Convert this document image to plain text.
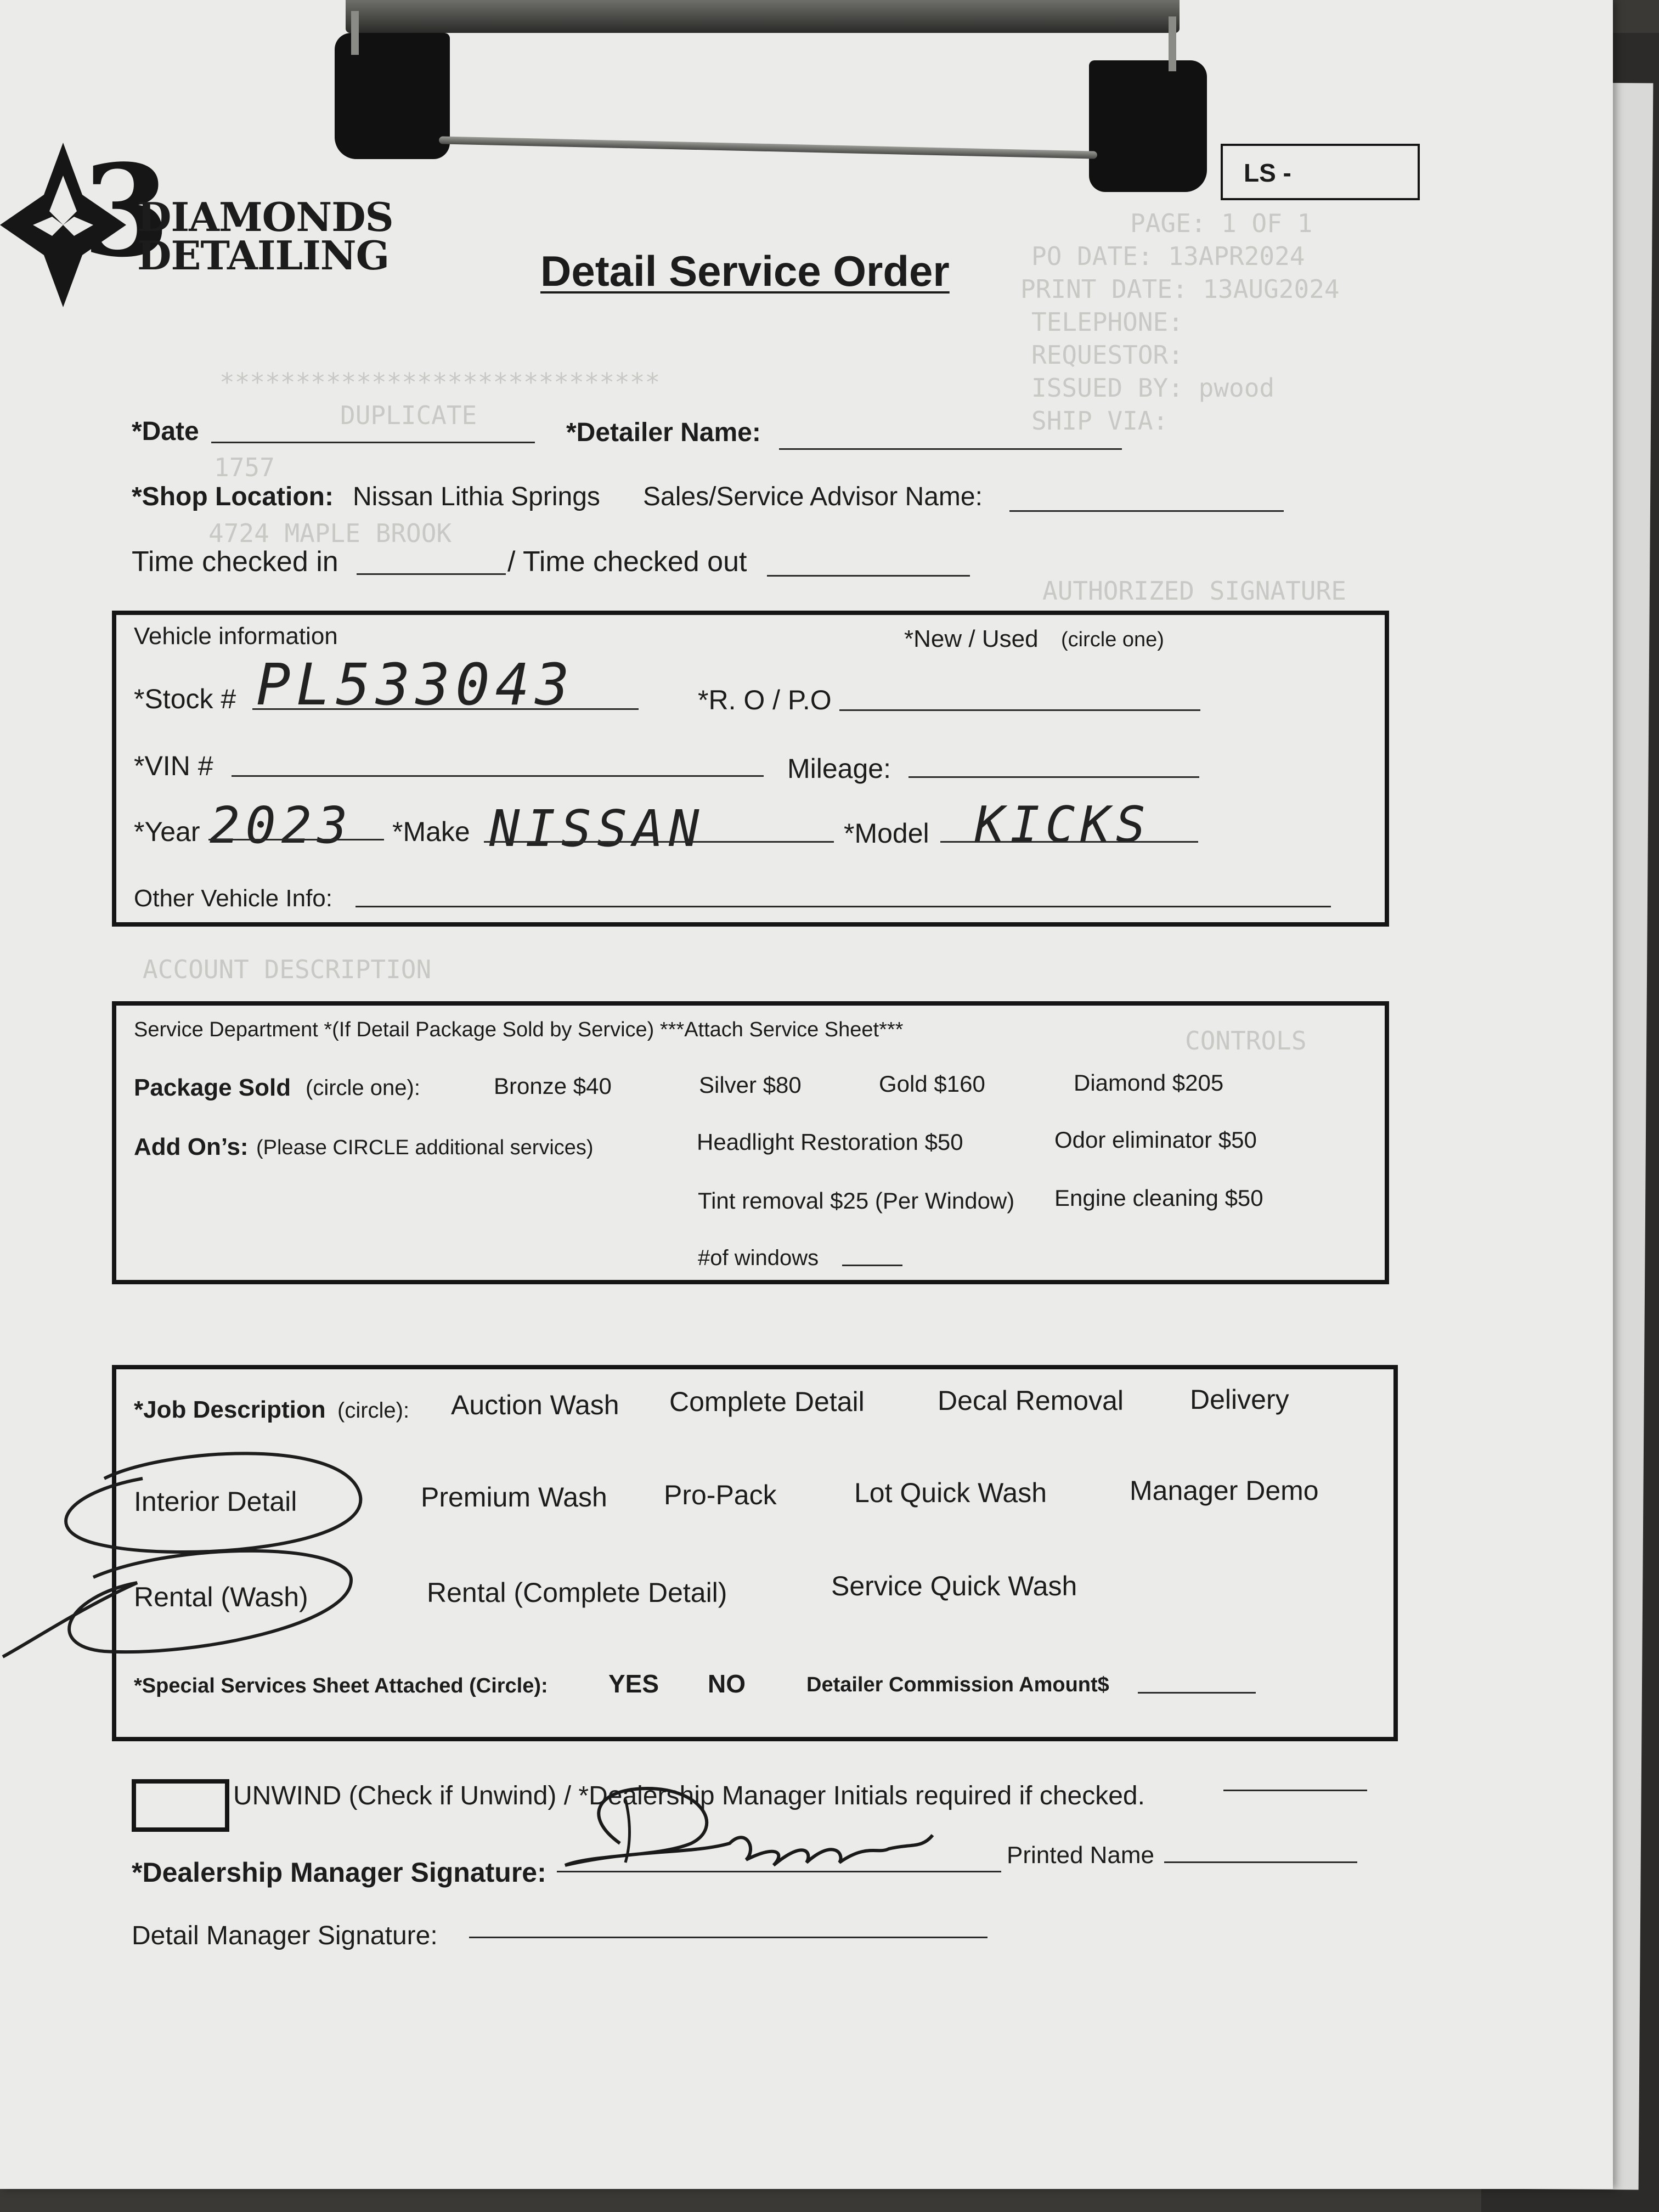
PAGE: 1 OF 1
PO DATE: 13APR2024
PRINT DATE: 13AUG2024
TELEPHONE:
REQUESTOR:
ISSUED BY: pwood
SHIP VIA:
*****************************
DUPLICATE
1757
4724 MAPLE BROOK
AUTHORIZED SIGNATURE
ACCOUNT DESCRIPTION
CONTROLS
3
DIAMONDS
DETAILING
LS -
Detail Service Order
*Date	*Detailer Name:
*Shop Location: Nissan Lithia Springs Sales/Service Advisor Name:
Time checked in	/ Time checked out
Vehicle information	*New / Used (circle one)
*Stock # PL533043	*R. O / P.O
*VIN #	Mileage:
*Year 2023 *Make NISSAN	*Model KICKS
Other Vehicle Info:
Service Department *(If Detail Package Sold by Service) ***Attach Service Sheet***
Package Sold (circle one):	Bronze $40	Silver $80	Gold $160	Diamond $205
Add On’s: (Please CIRCLE additional services)	Headlight Restoration $50	Odor eliminator $50
Tint removal $25 (Per Window) Engine cleaning $50
#of windows
*Job Description (circle): Auction Wash Complete Detail	Decal Removal Delivery
Interior Detail	Premium Wash Pro-Pack	Lot Quick Wash	Manager Demo
Rental (Wash)	Rental (Complete Detail)	Service Quick Wash
*Special Services Sheet Attached (Circle): YES NO	Detailer Commission Amount$
UNWIND (Check if Unwind) / *Dealership Manager Initials required if checked.
*Dealership Manager Signature:
Printed Name
Detail Manager Signature:
